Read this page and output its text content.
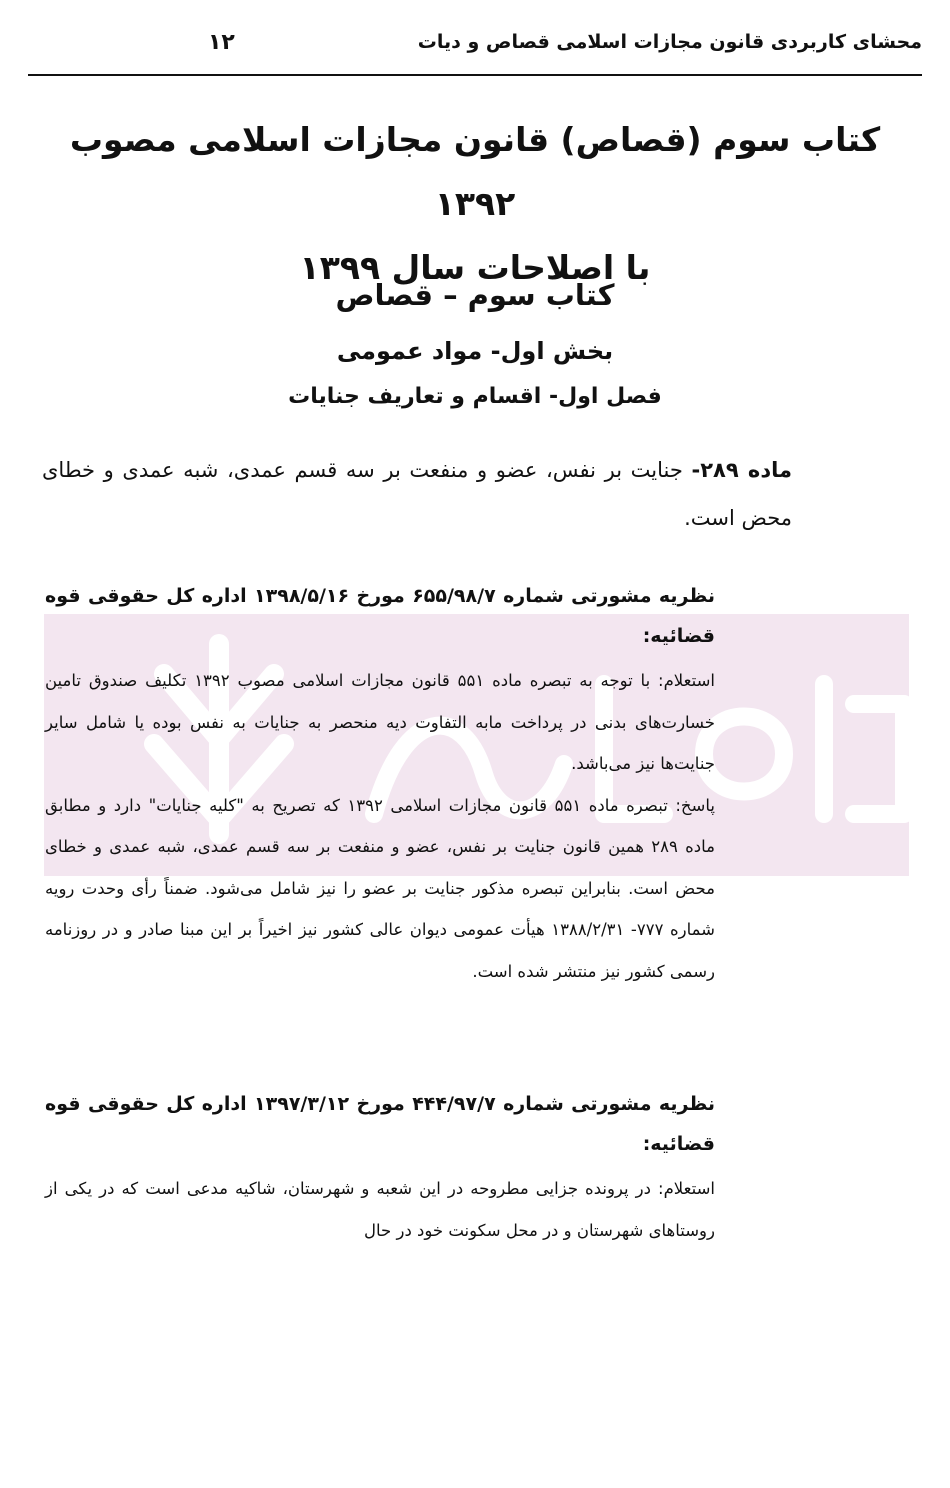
محشای کاربردی قانون مجازات اسلامی قصاص و دیات
۱۲
کتاب سوم (قصاص) قانون مجازات اسلامی مصوب ۱۳۹۲
با اصلاحات سال ۱۳۹۹
کتاب سوم – قصاص
بخش اول- مواد عمومی
فصل اول- اقسام و تعاریف جنایات
ماده ۲۸۹- جنایت بر نفس، عضو و منفعت بر سه قسم عمدی، شبه عمدی و خطای محض است.
نظریه مشورتی شماره ۶۵۵/۹۸/۷ مورخ ۱۳۹۸/۵/۱۶ اداره کل حقوقی قوه قضائیه:

استعلام: با توجه به تبصره ماده ۵۵۱ قانون مجازات اسلامی مصوب ۱۳۹۲ تکلیف صندوق تامین خسارت‌های بدنی در پرداخت مابه التفاوت دیه منحصر به جنایات به نفس بوده یا شامل سایر جنایت‌ها نیز می‌باشد.

پاسخ: تبصره ماده ۵۵۱ قانون مجازات اسلامی ۱۳۹۲ که تصریح به "کلیه جنایات" دارد و مطابق ماده ۲۸۹ همین قانون جنایت بر نفس، عضو و منفعت بر سه قسم عمدی، شبه عمدی و خطای محض است. بنابراین تبصره مذکور جنایت بر عضو را نیز شامل می‌شود. ضمناً رأی وحدت رویه شماره ۷۷۷- ۱۳۸۸/۲/۳۱ هیأت عمومی دیوان عالی کشور نیز اخیراً بر این مبنا صادر و در روزنامه رسمی کشور نیز منتشر شده است.

نظریه مشورتی شماره ۴۴۴/۹۷/۷ مورخ ۱۳۹۷/۳/۱۲ اداره کل حقوقی قوه قضائیه:

استعلام: در پرونده جزایی مطروحه در این شعبه و شهرستان، شاکیه مدعی است که در یکی از روستاهای شهرستان و در محل سکونت خود در حال
